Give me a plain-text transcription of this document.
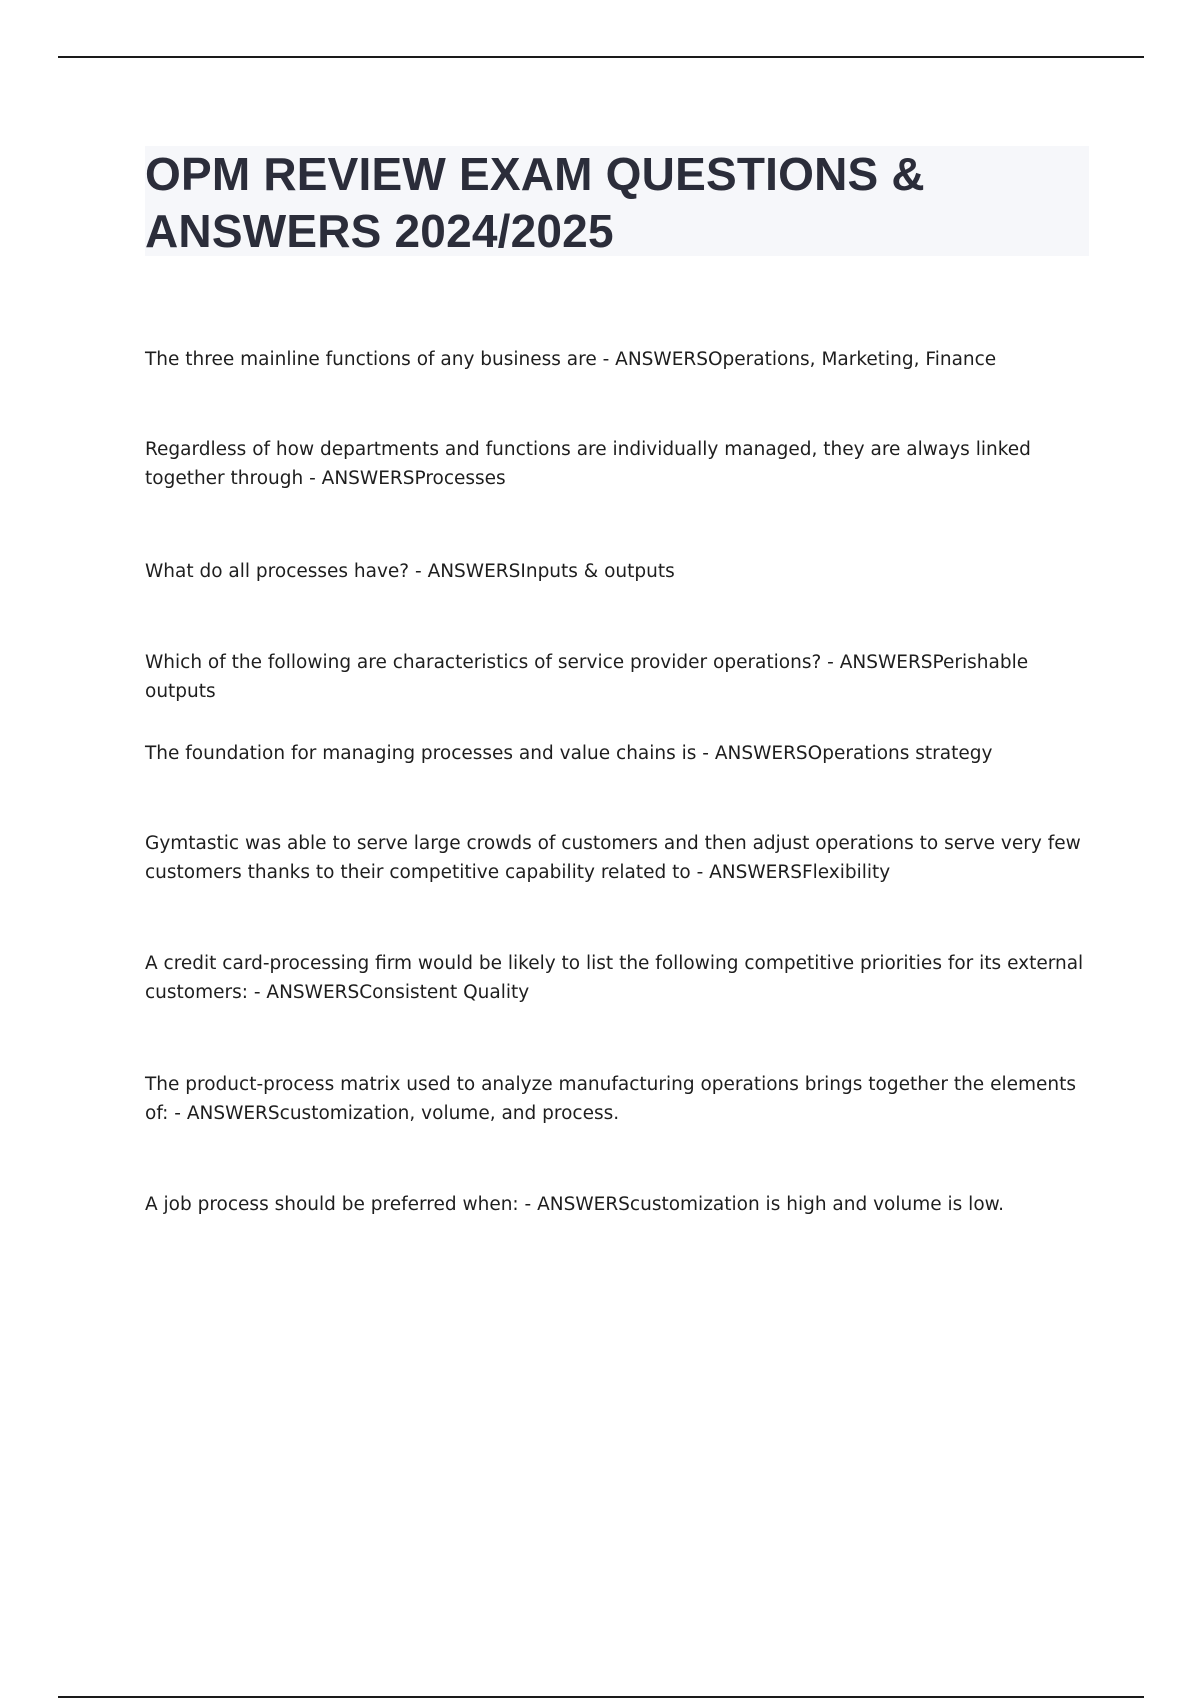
OPM REVIEW EXAM QUESTIONS & ANSWERS 2024/2025

The three mainline functions of any business are - ANSWERSOperations, Marketing, Finance

Regardless of how departments and functions are individually managed, they are always linked together through - ANSWERSProcesses

What do all processes have? - ANSWERSInputs & outputs

Which of the following are characteristics of service provider operations? - ANSWERSPerishable outputs

The foundation for managing processes and value chains is - ANSWERSOperations strategy

Gymtastic was able to serve large crowds of customers and then adjust operations to serve very few customers thanks to their competitive capability related to - ANSWERSFlexibility

A credit card-processing firm would be likely to list the following competitive priorities for its external customers: - ANSWERSConsistent Quality

The product-process matrix used to analyze manufacturing operations brings together the elements of: - ANSWERScustomization, volume, and process.

A job process should be preferred when: - ANSWERScustomization is high and volume is low.
